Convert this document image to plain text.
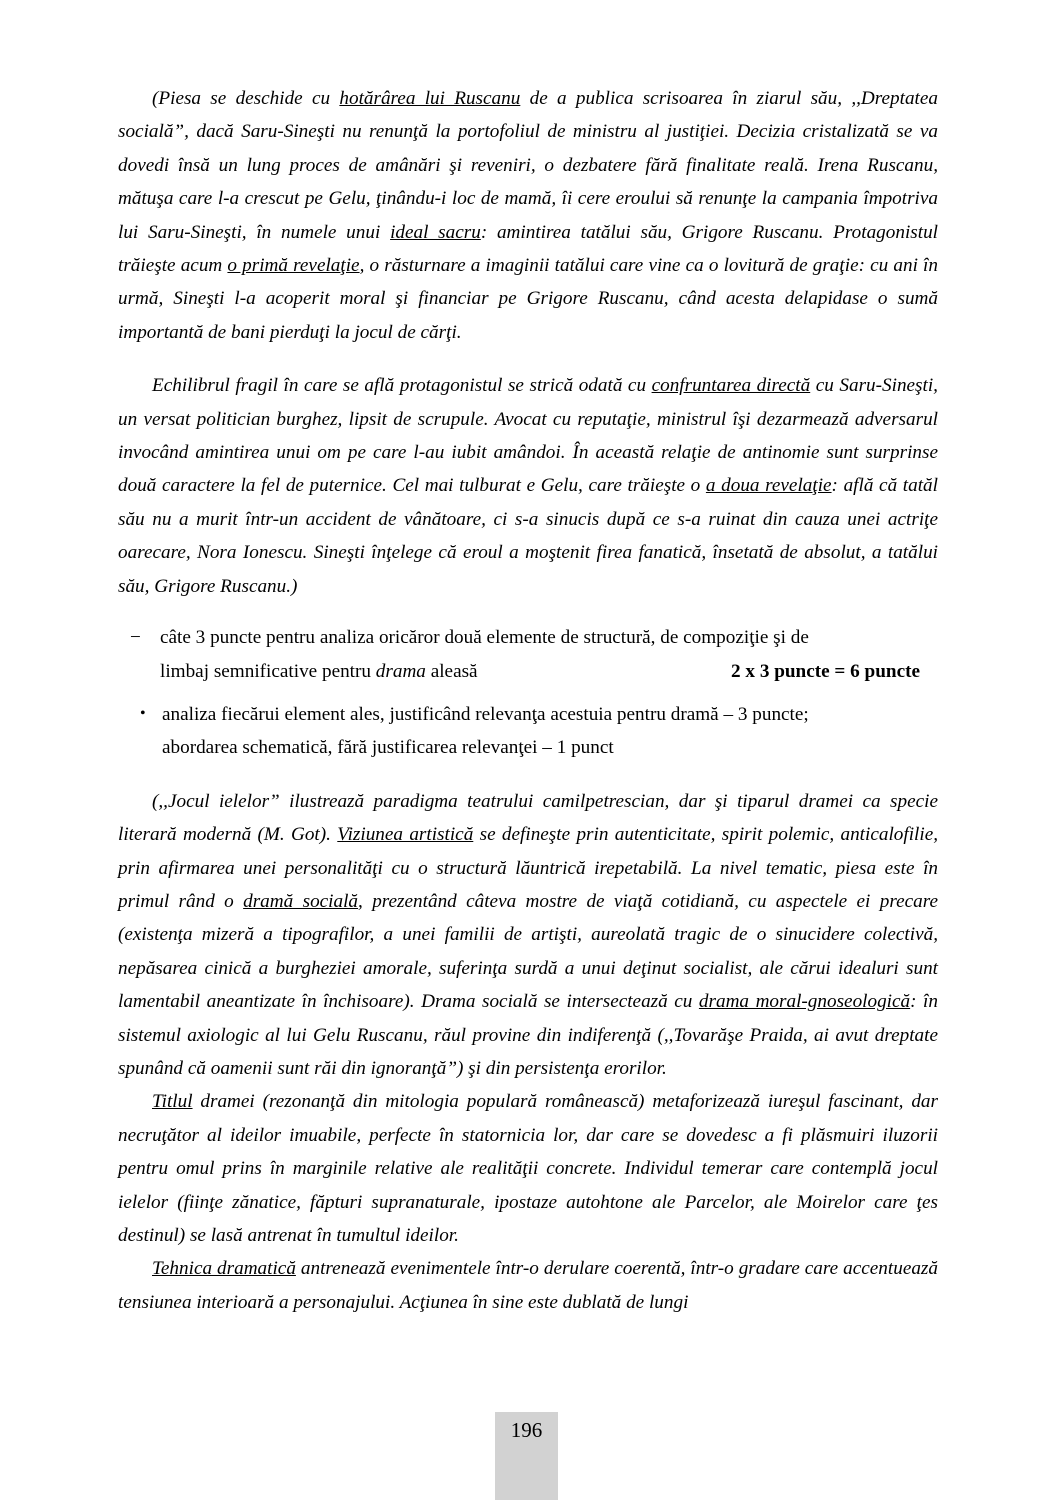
(Piesa se deschide cu hotărârea lui Ruscanu de a publica scrisoarea în ziarul său, ,,Dreptatea socială”, dacă Saru-Sineşti nu renunţă la portofoliul de ministru al justiţiei. Decizia cristalizată se va dovedi însă un lung proces de amânări şi reveniri, o dezbatere fără finalitate reală. Irena Ruscanu, mătuşa care l-a crescut pe Gelu, ţinându-i loc de mamă, îi cere eroului să renunţe la campania împotriva lui Saru-Sineşti, în numele unui ideal sacru: amintirea tatălui său, Grigore Ruscanu. Protagonistul trăieşte acum o primă revelaţie, o răsturnare a imaginii tatălui care vine ca o lovitură de graţie: cu ani în urmă, Sineşti l-a acoperit moral şi financiar pe Grigore Ruscanu, când acesta delapidase o sumă importantă de bani pierduţi la jocul de cărţi.

Echilibrul fragil în care se află protagonistul se strică odată cu confruntarea directă cu Saru-Sineşti, un versat politician burghez, lipsit de scrupule. Avocat cu reputaţie, ministrul îşi dezarmează adversarul invocând amintirea unui om pe care l-au iubit amândoi. În această relaţie de antinomie sunt surprinse două caractere la fel de puternice. Cel mai tulburat e Gelu, care trăieşte o a doua revelaţie: află că tatăl său nu a murit într-un accident de vânătoare, ci s-a sinucis după ce s-a ruinat din cauza unei actriţe oarecare, Nora Ionescu. Sineşti înţelege că eroul a moştenit firea fanatică, însetată de absolut, a tatălui său, Grigore Ruscanu.)

− câte 3 puncte pentru analiza oricăror două elemente de structură, de compoziţie şi de
2 x 3 puncte = 6 puncte
limbaj semnificative pentru drama aleasă
• analiza fiecărui element ales, justificând relevanţa acestuia pentru dramă – 3 puncte;
abordarea schematică, fără justificarea relevanţei – 1 punct

(,,Jocul ielelor” ilustrează paradigma teatrului camilpetrescian, dar şi tiparul dramei ca specie literară modernă (M. Got). Viziunea artistică se defineşte prin autenticitate, spirit polemic, anticalofilie, prin afirmarea unei personalităţi cu o structură lăuntrică irepetabilă. La nivel tematic, piesa este în primul rând o dramă socială, prezentând câteva mostre de viaţă cotidiană, cu aspectele ei precare (existenţa mizeră a tipografilor, a unei familii de artişti, aureolată tragic de o sinucidere colectivă, nepăsarea cinică a burgheziei amorale, suferinţa surdă a unui deţinut socialist, ale cărui idealuri sunt lamentabil aneantizate în închisoare). Drama socială se intersectează cu drama moral-gnoseologică: în sistemul axiologic al lui Gelu Ruscanu, răul provine din indiferenţă (,,Tovarăşe Praida, ai avut dreptate spunând că oamenii sunt răi din ignoranţă”) şi din persistenţa erorilor.

Titlul dramei (rezonanţă din mitologia populară românească) metaforizează iureşul fascinant, dar necruţător al ideilor imuabile, perfecte în statornicia lor, dar care se dovedesc a fi plăsmuiri iluzorii pentru omul prins în marginile relative ale realităţii concrete. Individul temerar care contemplă jocul ielelor (fiinţe zănatice, făpturi supranaturale, ipostaze autohtone ale Parcelor, ale Moirelor care ţes destinul) se lasă antrenat în tumultul ideilor.

Tehnica dramatică antrenează evenimentele într-o derulare coerentă, într-o gradare care accentuează tensiunea interioară a personajului. Acţiunea în sine este dublată de lungi

196
